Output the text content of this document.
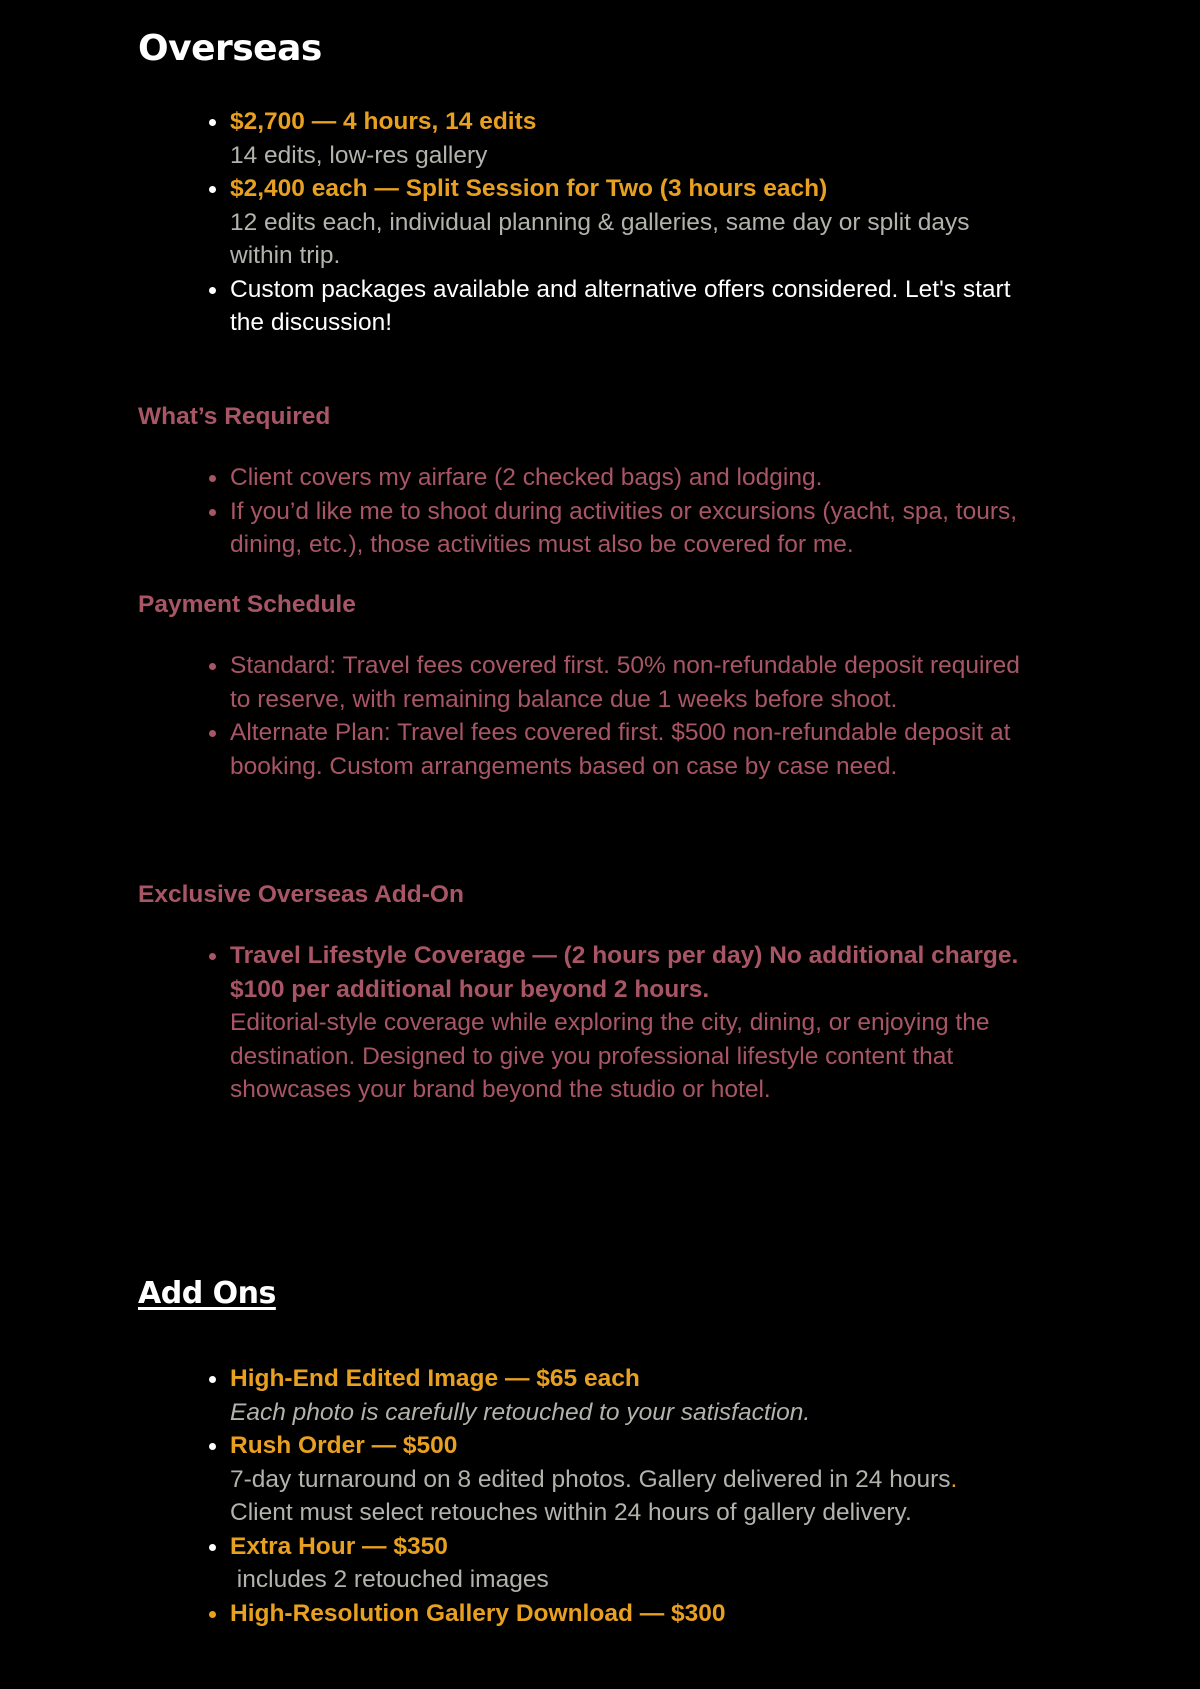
Overseas
$2,700 — 4 hours, 14 edits
14 edits, low-res gallery
$2,400 each — Split Session for Two (3 hours each)
12 edits each, individual planning & galleries, same day or split days within trip.
Custom packages available and alternative offers considered. Let's start the discussion!
What’s Required
Client covers my airfare (2 checked bags) and lodging.
If you’d like me to shoot during activities or excursions (yacht, spa, tours, dining, etc.), those activities must also be covered for me.
Payment Schedule
Standard: Travel fees covered first. 50% non-refundable deposit required to reserve, with remaining balance due 1 weeks before shoot.
Alternate Plan: Travel fees covered first. $500 non-refundable deposit at booking. Custom arrangements based on case by case need.
Exclusive Overseas Add-On
Travel Lifestyle Coverage — (2 hours per day) No additional charge. $100 per additional hour beyond 2 hours.
Editorial-style coverage while exploring the city, dining, or enjoying the destination. Designed to give you professional lifestyle content that showcases your brand beyond the studio or hotel.
Add Ons
High-End Edited Image — $65 each
Each photo is carefully retouched to your satisfaction.
Rush Order — $500
7-day turnaround on 8 edited photos. Gallery delivered in 24 hours.
Client must select retouches within 24 hours of gallery delivery.
Extra Hour — $350
includes 2 retouched images
High-Resolution Gallery Download — $300
